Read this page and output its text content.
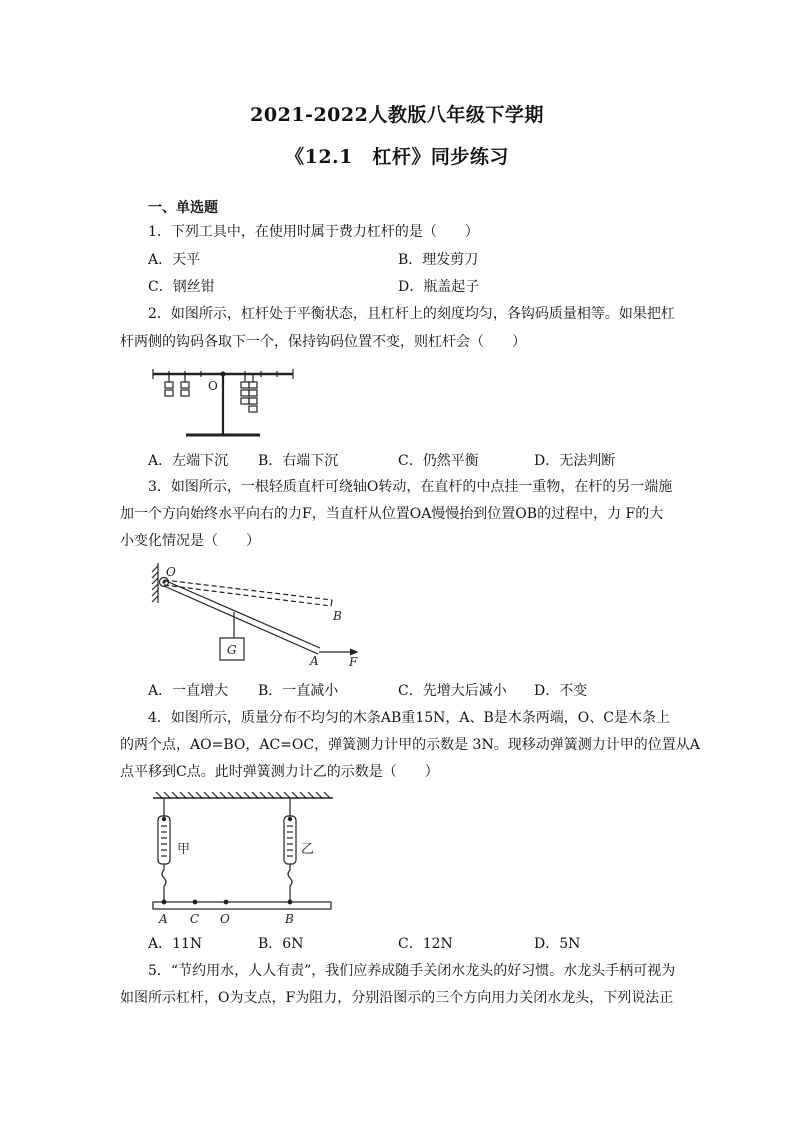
2021-2022人教版八年级下学期
《12.1　杠杆》同步练习
一、单选题
1．下列工具中，在使用时属于费力杠杆的是（　　）
A．天平	B．理发剪刀
C．钢丝钳	D．瓶盖起子
2．如图所示，杠杆处于平衡状态，且杠杆上的刻度均匀，各钩码质量相等。如果把杠
杆两侧的钩码各取下一个，保持钩码位置不变，则杠杆会（　　）
O
A．左端下沉 B．右端下沉	C．仍然平衡	D．无法判断
3．如图所示，一根轻质直杆可绕轴O转动，在直杆的中点挂一重物，在杆的另一端施
加一个方向始终水平向右的力F，当直杆从位置OA慢慢抬到位置OB的过程中，力 F的大
小变化情况是（　　）
O
B
G
A	F
A．一直增大 B．一直减小	C．先增大后减小 D．不变
4．如图所示，质量分布不均匀的木条AB重15N，A、B是木条两端，O、C是木条上
的两个点，AO=BO，AC=OC，弹簧测力计甲的示数是 3N。现移动弹簧测力计甲的位置从A
点平移到C点。此时弹簧测力计乙的示数是（　　）
甲	乙
A C O	B
A．11N	B．6N	C．12N	D．5N
5．“节约用水，人人有责”，我们应养成随手关闭水龙头的好习惯。水龙头手柄可视为
如图所示杠杆，O为支点，F为阻力，分别沿图示的三个方向用力关闭水龙头，下列说法正
